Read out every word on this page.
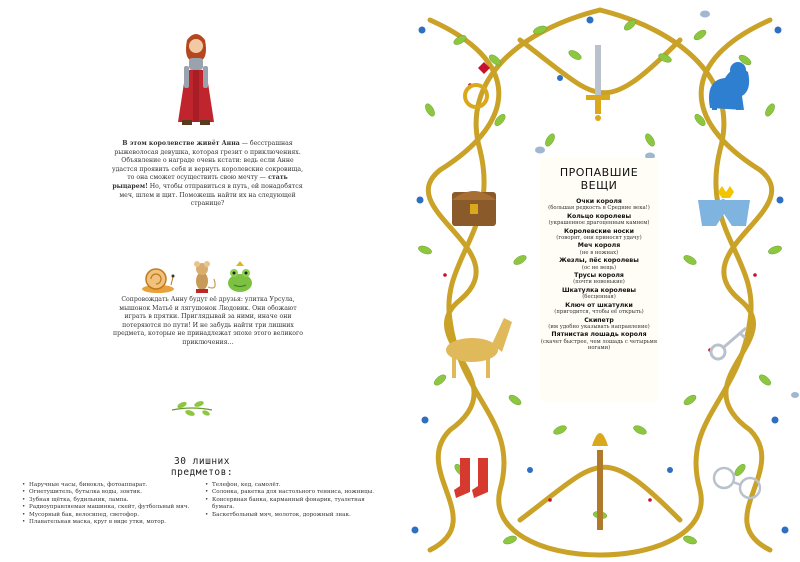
В этом королевстве живёт Анна — бесстрашная рыжеволосая девушка, которая грезит о приключениях. Объявление о награде очень кстати: ведь если Анне удастся проявить себя и вернуть королевские сокровища, то она сможет осуществить свою мечту — стать рыцарем! Но, чтобы отправиться в путь, ей понадобятся меч, шлем и щит. Поможешь найти их на следующей странице?

Сопровождать Анну будут её друзья: улитка Урсула, мышонок Матьё и лягушонок Людовик. Они обожают играть в прятки. Приглядывай за ними, иначе они потеряются по пути! И не забудь найти три лишних предмета, которые не принадлежат эпохе этого великого приключения…

30 лишних предметов:
• Наручные часы, бинокль, фотоаппарат.
• Огнетушитель, бутылка воды, зонтик.
• Зубная щётка, будильник, лампа.
• Радиоуправляемая машинка, скейт, футбольный мяч.
• Мусорный бак, велосипед, светофор.
• Плавательная маска, круг в виде утки, мотор.
• Телефон, кед, самолёт.
• Солонка, ракетка для настольного тенниса, ножницы.
• Консервная банка, карманный фонарик, туалетная бумага.
• Баскетбольный мяч, молоток, дорожный знак.
ПРОПАВШИЕ
ВЕЩИ
Очки короля
(большая редкость в Средние века!)
Кольцо королевы
(украшенное драгоценным камнем)
Королевские носки
(говорят, они приносят удачу)
Меч короля
(не в ножнах)
Жезлы, пёс королевы
(ос не вещь)
Трусы короля
(почти новенькие)
Шкатулка королевы
(бесценная)
Ключ от шкатулки
(пригодится, чтобы её открыть)
Скипетр
(им удобно указывать направление)
Пятнистая лошадь короля
(скачет быстрее, чем лошадь с четырьмя ногами)
